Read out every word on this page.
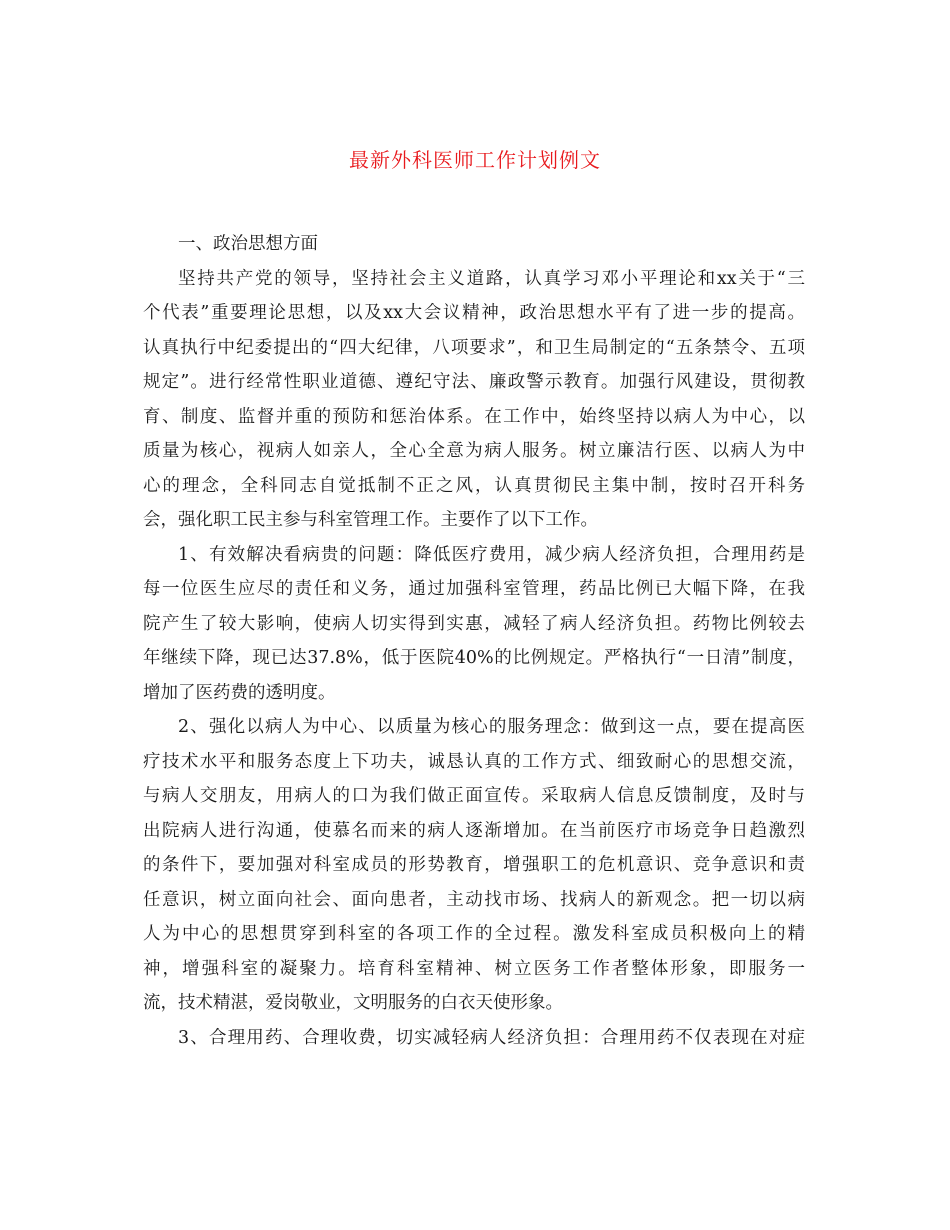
最新外科医师工作计划例文
一、政治思想方面
坚持共产党的领导，坚持社会主义道路，认真学习邓小平理论和xx关于“三
个代表”重要理论思想，以及xx大会议精神，政治思想水平有了进一步的提高。
认真执行中纪委提出的“四大纪律，八项要求”，和卫生局制定的“五条禁令、五项
规定”。进行经常性职业道德、遵纪守法、廉政警示教育。加强行风建设，贯彻教
育、制度、监督并重的预防和惩治体系。在工作中，始终坚持以病人为中心，以
质量为核心，视病人如亲人，全心全意为病人服务。树立廉洁行医、以病人为中
心的理念，全科同志自觉抵制不正之风，认真贯彻民主集中制，按时召开科务
会，强化职工民主参与科室管理工作。主要作了以下工作。
1、有效解决看病贵的问题：降低医疗费用，减少病人经济负担，合理用药是
每一位医生应尽的责任和义务，通过加强科室管理，药品比例已大幅下降，在我
院产生了较大影响，使病人切实得到实惠，减轻了病人经济负担。药物比例较去
年继续下降，现已达37.8%，低于医院40%的比例规定。严格执行“一日清”制度，
增加了医药费的透明度。
2、强化以病人为中心、以质量为核心的服务理念：做到这一点，要在提高医
疗技术水平和服务态度上下功夫，诚恳认真的工作方式、细致耐心的思想交流，
与病人交朋友，用病人的口为我们做正面宣传。采取病人信息反馈制度，及时与
出院病人进行沟通，使慕名而来的病人逐渐增加。在当前医疗市场竞争日趋激烈
的条件下，要加强对科室成员的形势教育，增强职工的危机意识、竞争意识和责
任意识，树立面向社会、面向患者，主动找市场、找病人的新观念。把一切以病
人为中心的思想贯穿到科室的各项工作的全过程。激发科室成员积极向上的精
神，增强科室的凝聚力。培育科室精神、树立医务工作者整体形象，即服务一
流，技术精湛，爱岗敬业，文明服务的白衣天使形象。
3、合理用药、合理收费，切实减轻病人经济负担：合理用药不仅表现在对症
